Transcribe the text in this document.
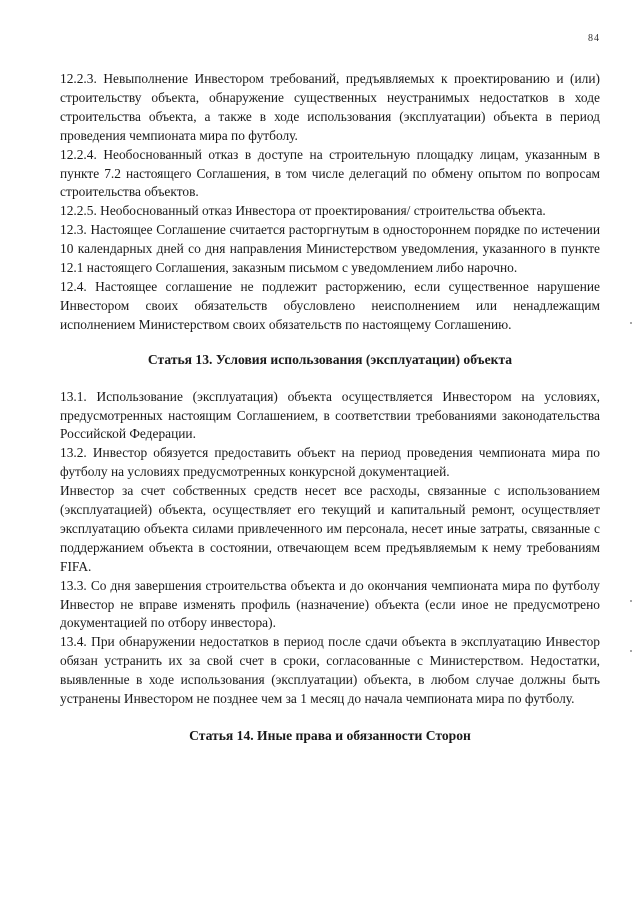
84

12.2.3. Невыполнение Инвестором требований, предъявляемых к проектированию и (или) строительству объекта, обнаружение существенных неустранимых недостатков в ходе строительства объекта, а также в ходе использования (эксплуатации) объекта в период проведения чемпионата мира по футболу.

12.2.4. Необоснованный отказ в доступе на строительную площадку лицам, указанным в пункте 7.2 настоящего Соглашения, в том числе делегаций по обмену опытом по вопросам строительства объектов.

12.2.5. Необоснованный отказ Инвестора от проектирования/ строительства объекта.

12.3. Настоящее Соглашение считается расторгнутым в одностороннем порядке по истечении 10 календарных дней со дня направления Министерством уведомления, указанного в пункте 12.1 настоящего Соглашения, заказным письмом с уведомлением либо нарочно.

12.4. Настоящее соглашение не подлежит расторжению, если существенное нарушение Инвестором своих обязательств обусловлено неисполнением или ненадлежащим исполнением Министерством своих обязательств по настоящему Соглашению.

Статья 13. Условия использования (эксплуатации) объекта

13.1. Использование (эксплуатация) объекта осуществляется Инвестором на условиях, предусмотренных настоящим Соглашением, в соответствии требованиями законодательства Российской Федерации.

13.2. Инвестор обязуется предоставить объект на период проведения чемпионата мира по футболу на условиях предусмотренных конкурсной документацией.

Инвестор за счет собственных средств несет все расходы, связанные с использованием (эксплуатацией) объекта, осуществляет его текущий и капитальный ремонт, осуществляет эксплуатацию объекта силами привлеченного им персонала, несет иные затраты, связанные с поддержанием объекта в состоянии, отвечающем всем предъявляемым к нему требованиям FIFA.

13.3. Со дня завершения строительства объекта и до окончания чемпионата мира по футболу Инвестор не вправе изменять профиль (назначение) объекта (если иное не предусмотрено документацией по отбору инвестора).

13.4. При обнаружении недостатков в период после сдачи объекта в эксплуатацию Инвестор обязан устранить их за свой счет в сроки, согласованные с Министерством. Недостатки, выявленные в ходе использования (эксплуатации) объекта, в любом случае должны быть устранены Инвестором не позднее чем за 1 месяц до начала чемпионата мира по футболу.

Статья 14. Иные права и обязанности Сторон
